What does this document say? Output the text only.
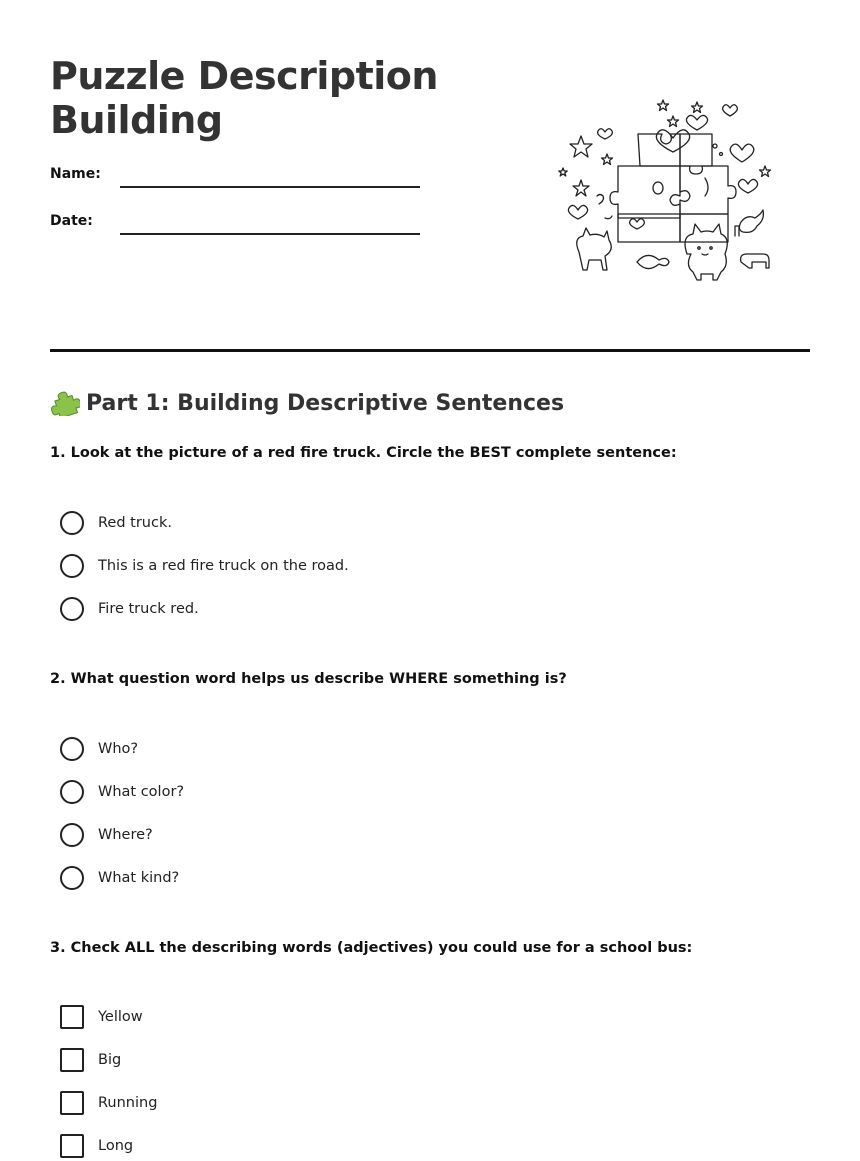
Puzzle Description Building
Name:
Date:
Part 1: Building Descriptive Sentences
1. Look at the picture of a red fire truck. Circle the BEST complete sentence:
Red truck.
This is a red fire truck on the road.
Fire truck red.
2. What question word helps us describe WHERE something is?
Who?
What color?
Where?
What kind?
3. Check ALL the describing words (adjectives) you could use for a school bus:
Yellow
Big
Running
Long
